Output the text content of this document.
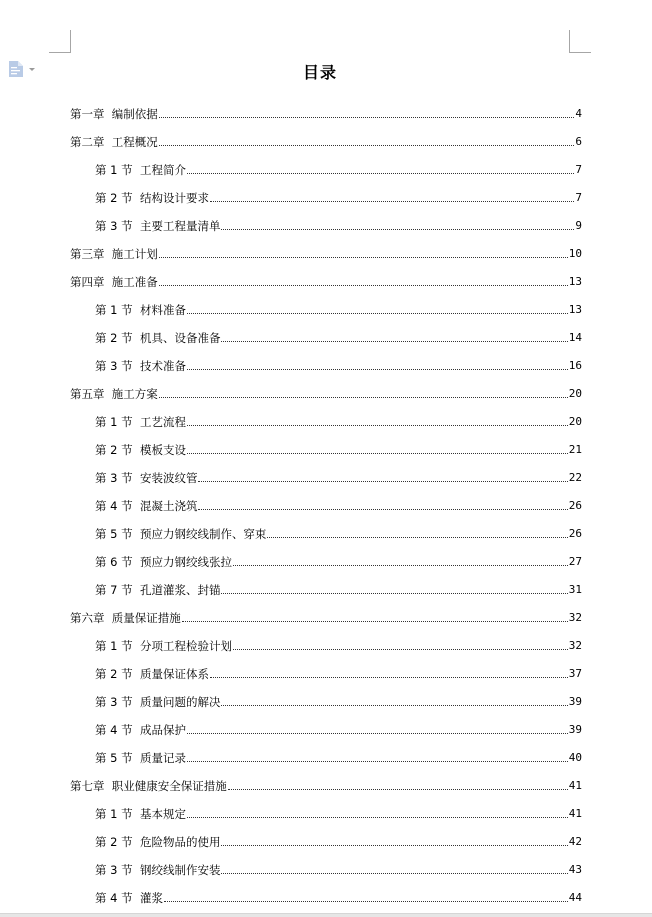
目录
第一章  编制依据	4
第二章  工程概况	6
第 1 节  工程简介	7
第 2 节  结构设计要求	7
第 3 节  主要工程量清单	9
第三章  施工计划	10
第四章  施工准备	13
第 1 节  材料准备	13
第 2 节  机具、设备准备	14
第 3 节  技术准备	16
第五章  施工方案	20
第 1 节  工艺流程	20
第 2 节  模板支设	21
第 3 节  安装波纹管	22
第 4 节  混凝土浇筑	26
第 5 节  预应力钢绞线制作、穿束	26
第 6 节  预应力钢绞线张拉	27
第 7 节  孔道灌浆、封锚	31
第六章  质量保证措施	32
第 1 节  分项工程检验计划	32
第 2 节  质量保证体系	37
第 3 节  质量问题的解决	39
第 4 节  成品保护	39
第 5 节  质量记录	40
第七章  职业健康安全保证措施	41
第 1 节  基本规定	41
第 2 节  危险物品的使用	42
第 3 节  钢绞线制作安装	43
第 4 节  灌浆	44
